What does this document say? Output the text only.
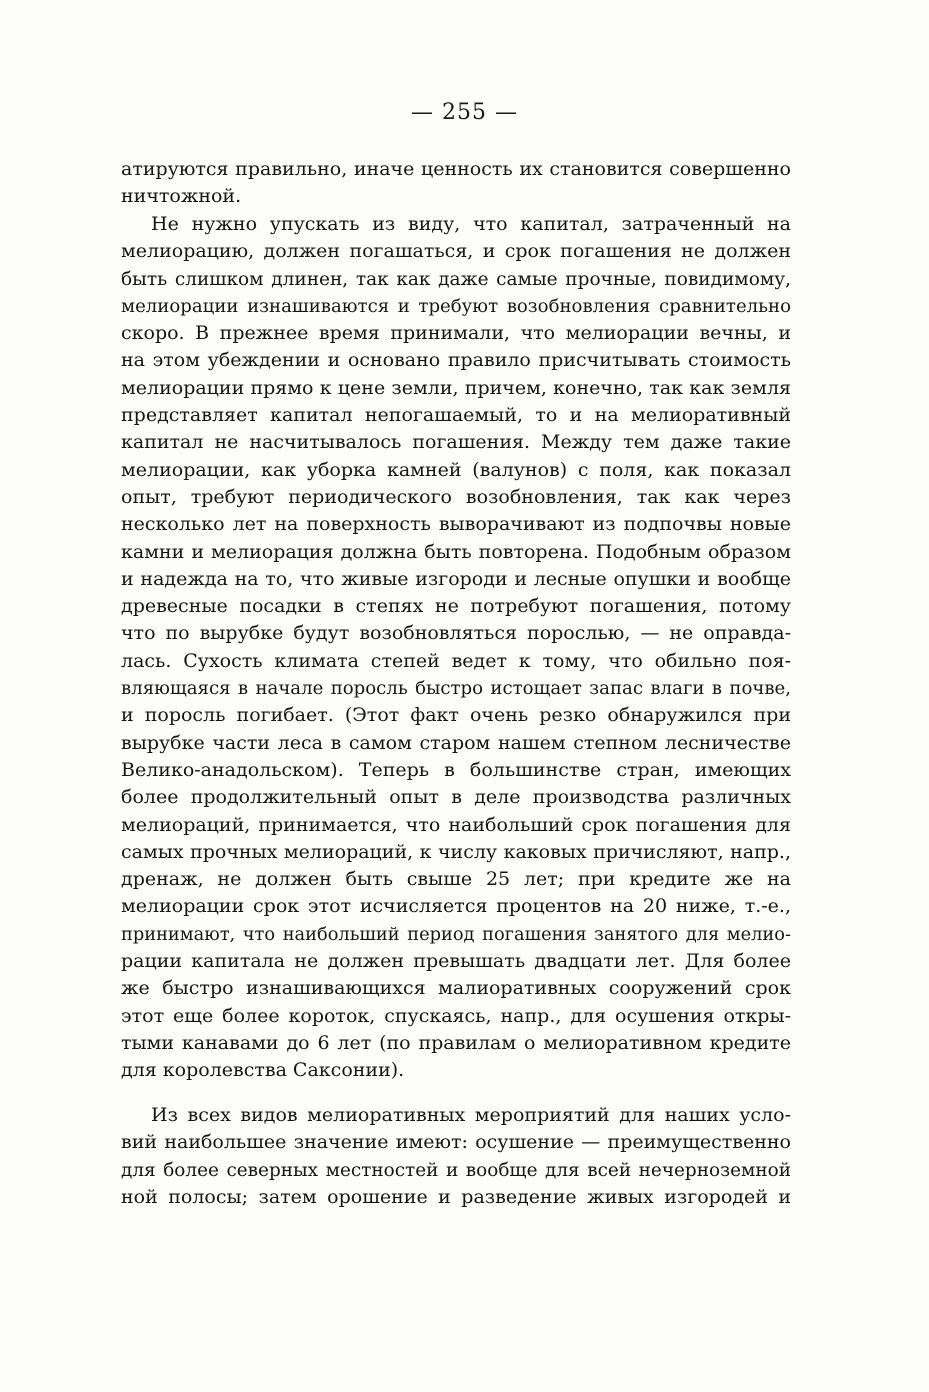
— 255 —
атируются правильно, иначе ценность их становится совершенно
ничтожной.
Не нужно упускать из виду, что капитал, затраченный на
мелиорацию, должен погашаться, и срок погашения не должен
быть слишком длинен, так как даже самые прочные, повидимому,
мелиорации изнашиваются и требуют возобновления сравнительно
скоро. В прежнее время принимали, что мелиорации вечны, и
на этом убеждении и основано правило присчитывать стоимость
мелиорации прямо к цене земли, причем, конечно, так как земля
представляет капитал непогашаемый, то и на мелиоративный
капитал не насчитывалось погашения. Между тем даже такие
мелиорации, как уборка камней (валунов) с поля, как показал
опыт, требуют периодического возобновления, так как через
несколько лет на поверхность выворачивают из подпочвы новые
камни и мелиорация должна быть повторена. Подобным образом
и надежда на то, что живые изгороди и лесные опушки и вообще
древесные посадки в степях не потребуют погашения, потому
что по вырубке будут возобновляться порослью, — не оправда-
лась. Сухость климата степей ведет к тому, что обильно поя-
вляющаяся в начале поросль быстро истощает запас влаги в почве,
и поросль погибает. (Этот факт очень резко обнаружился при
вырубке части леса в самом старом нашем степном лесничестве
Велико-анадольском). Теперь в большинстве стран, имеющих
более продолжительный опыт в деле производства различных
мелиораций, принимается, что наибольший срок погашения для
самых прочных мелиораций, к числу каковых причисляют, напр.,
дренаж, не должен быть свыше 25 лет; при кредите же на
мелиорации срок этот исчисляется процентов на 20 ниже, т.-е.,
принимают, что наибольший период погашения занятого для мелио-
рации капитала не должен превышать двадцати лет. Для более
же быстро изнашивающихся малиоративных сооружений срок
этот еще более короток, спускаясь, напр., для осушения откры-
тыми канавами до 6 лет (по правилам о мелиоративном кредите
для королевства Саксонии).
Из всех видов мелиоративных мероприятий для наших усло-
вий наибольшее значение имеют: осушение — преимущественно
для более северных местностей и вообще для всей нечерноземной
ной полосы; затем орошение и разведение живых изгородей и
